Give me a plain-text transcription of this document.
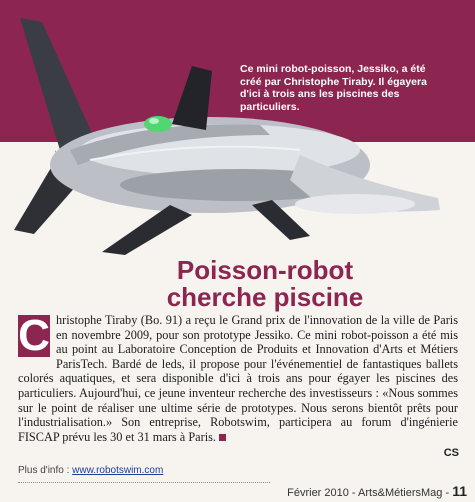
Ce mini robot-poisson, Jessiko, a été créé par Christophe Tiraby. Il égayera d'ici à trois ans les piscines des particuliers.
Poisson-robot
cherche piscine
C hristophe Tiraby (Bo. 91) a reçu le Grand prix de l'innovation de la ville de Paris en novembre 2009, pour son prototype Jessiko. Ce mini robot-poisson a été mis au point au Laboratoire Conception de Produits et Innovation d'Arts et Métiers ParisTech. Bardé de leds, il propose pour l'événementiel de fantastiques ballets colorés aquatiques, et sera disponible d'ici à trois ans pour égayer les piscines des particuliers. Aujourd'hui, ce jeune inventeur recherche des investisseurs : «Nous sommes sur le point de réaliser une ultime série de prototypes. Nous serons bientôt prêts pour l'industrialisation.» Son entreprise, Robotswim, participera au forum d'ingénierie FISCAP prévu les 30 et 31 mars à Paris.
CS
Plus d'info : www.robotswim.com
Février 2010 - Arts&MétiersMag - 11
